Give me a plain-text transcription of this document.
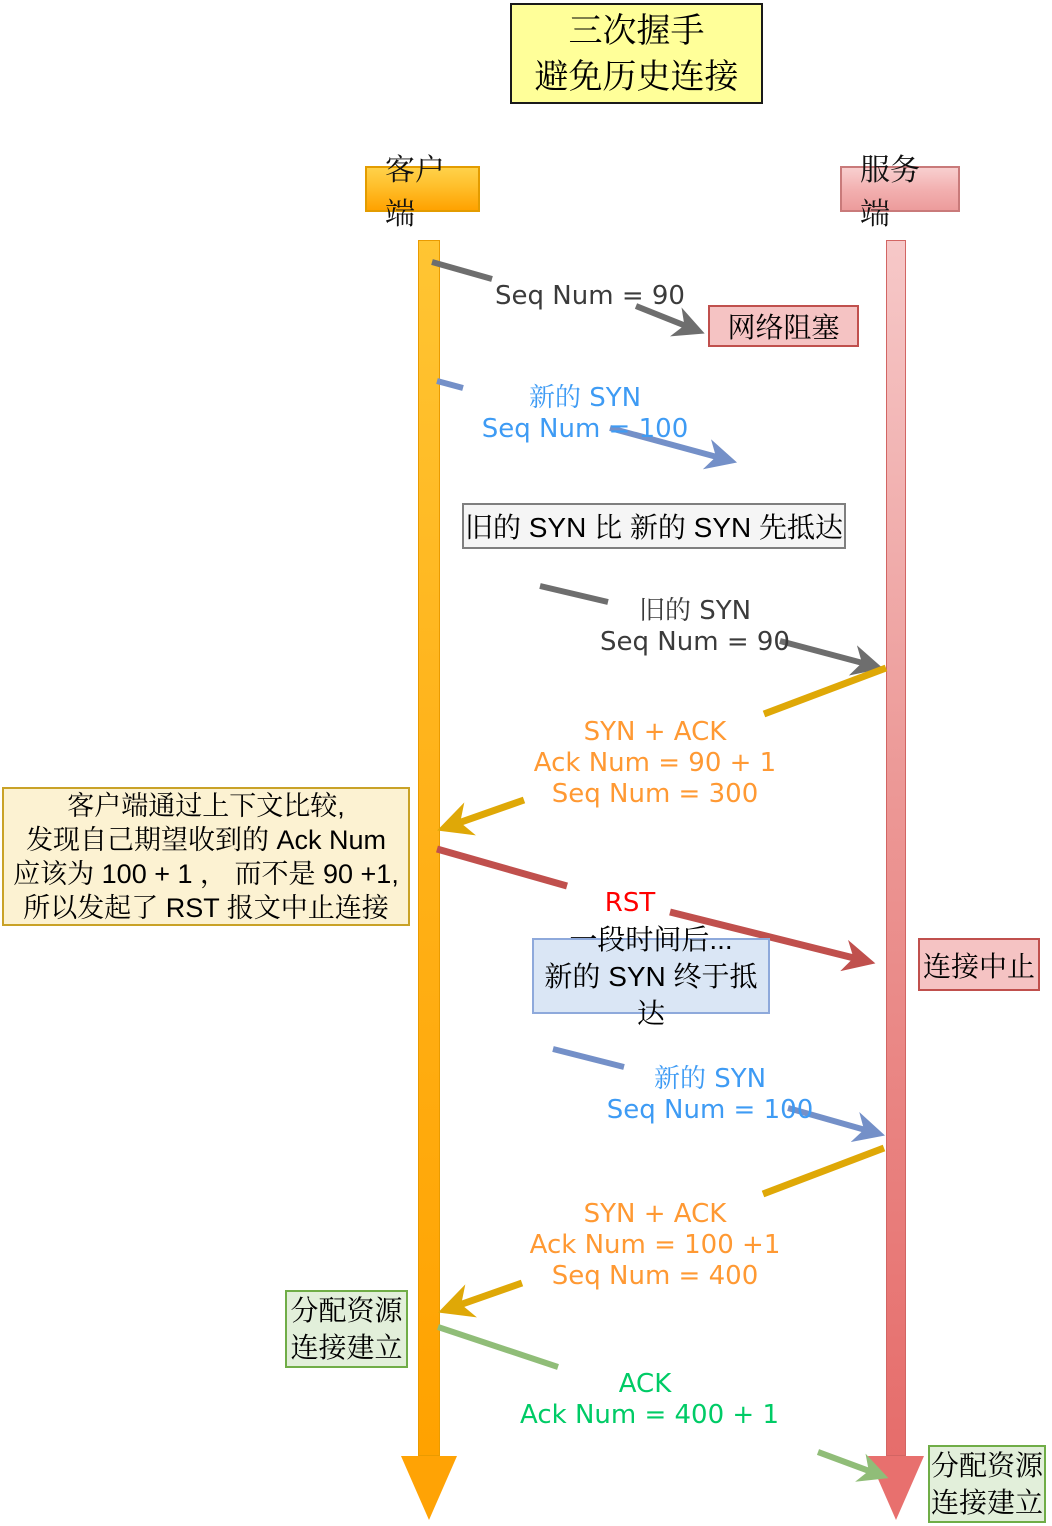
三次握手
避免历史连接
客户端
服务端
Seq Num = 90
新的 SYN
Seq Num = 100
旧的 SYN
Seq Num = 90
SYN + ACK
Ack Num = 90 + 1
Seq Num = 300
RST
新的 SYN
Seq Num = 100
SYN + ACK
Ack Num = 100 +1
Seq Num = 400
ACK
Ack Num = 400 + 1
网络阻塞
旧的 SYN 比 新的 SYN 先抵达
客户端通过上下文比较,
发现自己期望收到的 Ack Num
应该为 100 + 1 ， 而不是 90 +1,
所以发起了 RST 报文中止连接
连接中止
一段时间后...
新的 SYN 终于抵达
分配资源
连接建立
分配资源
连接建立
